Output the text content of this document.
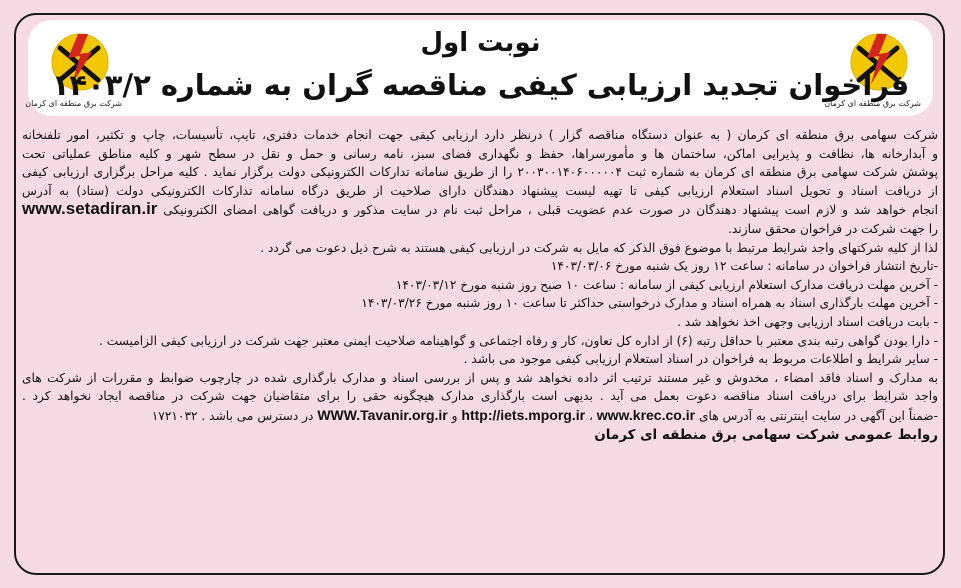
شرکت برق منطقه ای کرمان
شرکت برق منطقه ای کرمان
نوبت اول
فراخوان تجدید ارزیابی کیفی مناقصه گران به شماره ۱۴۰۳/۲

شرکت سهامی برق منطقه ای کرمان ( به عنوان دستگاه مناقصه گزار ) درنظر دارد ارزیابی کیفی جهت انجام خدمات دفتری، تایپ، تأسیسات، چاپ و تکثیر، امور تلفنخانه

و آبدارخانه ها، نظافت و پذیرایی اماکن، ساختمان ها و مأمورسراها، حفظ و نگهداری فضای سبز، نامه رسانی و حمل و نقل در سطح شهر و کلیه مناطق عملیاتی تحت

پوشش شرکت سهامی برق منطقه ای کرمان به شماره ثبت ۲۰۰۳۰۰۱۴۰۶۰۰۰۰۰۴ را از طریق سامانه تدارکات الکترونیکی دولت برگزار نماید . کلیه مراحل برگزاری ارزیابی کیفی

از دریافت اسناد و تحویل اسناد استعلام ارزیابی کیفی تا تهیه لیست پیشنهاد دهندگان دارای صلاحیت از طریق درگاه سامانه تدارکات الکترونیکی دولت (ستاد) به آدرس

انجام خواهد شد و لازم است پیشنهاد دهندگان در صورت عدم عضویت قبلی ، مراحل ثبت نام در سایت مذکور و دریافت گواهی امضای الکترونیکی www.setadiran.ir

را جهت شرکت در فراخوان محقق سازند.

لذا از کلیه شرکتهای واجد شرایط مرتبط با موضوع فوق الذکر که مایل به شرکت در ارزیابی کیفی هستند به شرح ذیل دعوت می گردد .

-تاریخ انتشار فراخوان در سامانه : ساعت ۱۲ روز یک شنبه مورخ ۱۴۰۳/۰۳/۰۶

- آخرین مهلت دریافت مدارک استعلام ارزیابی کیفی از سامانه : ساعت ۱۰ صبح روز شنبه مورخ ۱۴۰۳/۰۳/۱۲

- آخرین مهلت بارگذاری اسناد به همراه اسناد و مدارک درخواستی حداکثر تا ساعت ۱۰ روز شنبه مورخ ۱۴۰۳/۰۳/۲۶

- بابت دریافت اسناد ارزیابی وجهی اخذ نخواهد شد .

- دارا بودن گواهی رتبه بندی معتبر با حداقل رتبه (۶) از اداره کل تعاون، کار و رفاه اجتماعی و گواهینامه صلاحیت ایمنی معتبر جهت شرکت در ارزیابی کیفی الزامیست .

- سایر شرایط و اطلاعات مربوط به فراخوان در اسناد استعلام ارزیابی کیفی موجود می باشد .

به مدارک و اسناد فاقد امضاء ، مخدوش و غیر مستند ترتیب اثر داده نخواهد شد و پس از بررسی اسناد و مدارک بارگذاری شده در چارچوب ضوابط و مقررات از شرکت های

واجد شرایط برای دریافت اسناد مناقصه دعوت بعمل می آید . بدیهی است بارگذاری مدارک هیچگونه حقی را برای متقاضیان جهت شرکت در مناقصه ایجاد نخواهد کرد .

-ضمناً این آگهی در سایت اینترنتی به آدرس های http://iets.mporg.ir ، www.krec.co.ir و WWW.Tavanir.org.ir در دسترس می باشد . ۱۷۲۱۰۳۲

روابط عمومی شرکت سهامی برق منطقه ای کرمان
